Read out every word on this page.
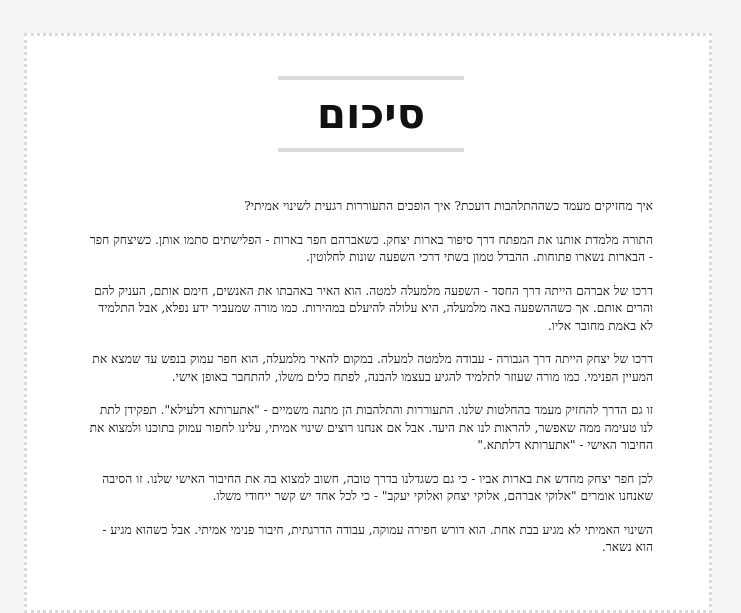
סיכום

איך מחזיקים מעמד כשההתלהבות דועכת? איך הופכים התעוררות רגעית לשינוי אמיתי?

התורה מלמדת אותנו את המפתח דרך סיפור בארות יצחק. כשאברהם חפר בארות - הפלישתים סתמו אותן. כשיצחק חפר - הבארות נשארו פתוחות. ההבדל טמון בשתי דרכי השפעה שונות לחלוטין.

דרכו של אברהם הייתה דרך החסד - השפעה מלמעלה למטה. הוא האיר באהבתו את האנשים, חימם אותם, העניק להם והרים אותם. אך כשההשפעה באה מלמעלה, היא עלולה להיעלם במהירות. כמו מורה שמעביר ידע נפלא, אבל התלמיד לא באמת מחובר אליו.

דרכו של יצחק הייתה דרך הגבורה - עבודה מלמטה למעלה. במקום להאיר מלמעלה, הוא חפר עמוק בנפש עד שמצא את המעיין הפנימי. כמו מורה שעוזר לתלמיד להגיע בעצמו להבנה, לפתח כלים משלו, להתחבר באופן אישי.

זו גם הדרך להחזיק מעמד בהחלטות שלנו. התעוררות והתלהבות הן מתנה משמיים - "אתערותא דלעילא". תפקידן לתת לנו טעימה ממה שאפשר, להראות לנו את היעד. אבל אם אנחנו רוצים שינוי אמיתי, עלינו לחפור עמוק בתוכנו ולמצוא את החיבור האישי - "אתערותא דלתתא."

לכן חפר יצחק מחדש את בארות אביו - כי גם כשגדלנו בדרך טובה, חשוב למצוא בה את החיבור האישי שלנו. זו הסיבה שאנחנו אומרים "אלוקי אברהם, אלוקי יצחק ואלוקי יעקב" - כי לכל אחד יש קשר ייחודי משלו.

השינוי האמיתי לא מגיע בבת אחת. הוא דורש חפירה עמוקה, עבודה הדרגתית, חיבור פנימי אמיתי. אבל כשהוא מגיע - הוא נשאר.
